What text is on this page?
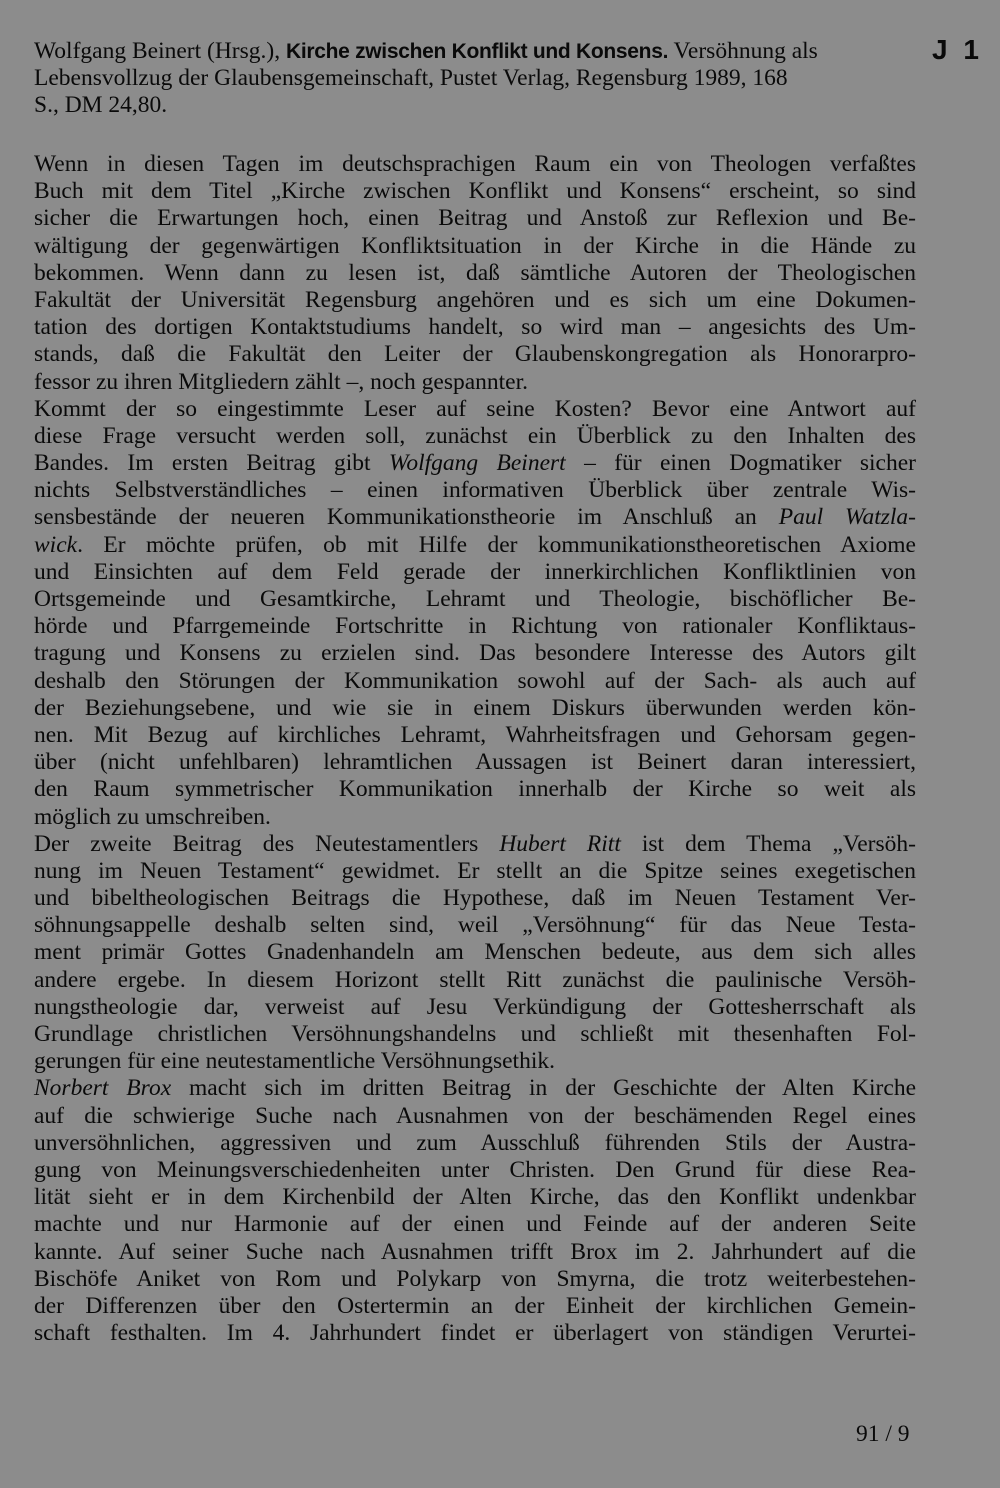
Wolfgang Beinert (Hrsg.), Kirche zwischen Konflikt und Konsens. Versöhnung als
Lebensvollzug der Glaubensgemeinschaft, Pustet Verlag, Regensburg 1989, 168
S., DM 24,80.
J 1
Wenn in diesen Tagen im deutschsprachigen Raum ein von Theologen verfaßtes
Buch mit dem Titel „Kirche zwischen Konflikt und Konsens“ erscheint, so sind
sicher die Erwartungen hoch, einen Beitrag und Anstoß zur Reflexion und Be-
wältigung der gegenwärtigen Konfliktsituation in der Kirche in die Hände zu
bekommen. Wenn dann zu lesen ist, daß sämtliche Autoren der Theologischen
Fakultät der Universität Regensburg angehören und es sich um eine Dokumen-
tation des dortigen Kontaktstudiums handelt, so wird man – angesichts des Um-
stands, daß die Fakultät den Leiter der Glaubenskongregation als Honorarpro-
fessor zu ihren Mitgliedern zählt –, noch gespannter.
Kommt der so eingestimmte Leser auf seine Kosten? Bevor eine Antwort auf
diese Frage versucht werden soll, zunächst ein Überblick zu den Inhalten des
Bandes. Im ersten Beitrag gibt Wolfgang Beinert – für einen Dogmatiker sicher
nichts Selbstverständliches – einen informativen Überblick über zentrale Wis-
sensbestände der neueren Kommunikationstheorie im Anschluß an Paul Watzla-
wick. Er möchte prüfen, ob mit Hilfe der kommunikationstheoretischen Axiome
und Einsichten auf dem Feld gerade der innerkirchlichen Konfliktlinien von
Ortsgemeinde und Gesamtkirche, Lehramt und Theologie, bischöflicher Be-
hörde und Pfarrgemeinde Fortschritte in Richtung von rationaler Konfliktaus-
tragung und Konsens zu erzielen sind. Das besondere Interesse des Autors gilt
deshalb den Störungen der Kommunikation sowohl auf der Sach- als auch auf
der Beziehungsebene, und wie sie in einem Diskurs überwunden werden kön-
nen. Mit Bezug auf kirchliches Lehramt, Wahrheitsfragen und Gehorsam gegen-
über (nicht unfehlbaren) lehramtlichen Aussagen ist Beinert daran interessiert,
den Raum symmetrischer Kommunikation innerhalb der Kirche so weit als
möglich zu umschreiben.
Der zweite Beitrag des Neutestamentlers Hubert Ritt ist dem Thema „Versöh-
nung im Neuen Testament“ gewidmet. Er stellt an die Spitze seines exegetischen
und bibeltheologischen Beitrags die Hypothese, daß im Neuen Testament Ver-
söhnungsappelle deshalb selten sind, weil „Versöhnung“ für das Neue Testa-
ment primär Gottes Gnadenhandeln am Menschen bedeute, aus dem sich alles
andere ergebe. In diesem Horizont stellt Ritt zunächst die paulinische Versöh-
nungstheologie dar, verweist auf Jesu Verkündigung der Gottesherrschaft als
Grundlage christlichen Versöhnungshandelns und schließt mit thesenhaften Fol-
gerungen für eine neutestamentliche Versöhnungsethik.
Norbert Brox macht sich im dritten Beitrag in der Geschichte der Alten Kirche
auf die schwierige Suche nach Ausnahmen von der beschämenden Regel eines
unversöhnlichen, aggressiven und zum Ausschluß führenden Stils der Austra-
gung von Meinungsverschiedenheiten unter Christen. Den Grund für diese Rea-
lität sieht er in dem Kirchenbild der Alten Kirche, das den Konflikt undenkbar
machte und nur Harmonie auf der einen und Feinde auf der anderen Seite
kannte. Auf seiner Suche nach Ausnahmen trifft Brox im 2. Jahrhundert auf die
Bischöfe Aniket von Rom und Polykarp von Smyrna, die trotz weiterbestehen-
der Differenzen über den Ostertermin an der Einheit der kirchlichen Gemein-
schaft festhalten. Im 4. Jahrhundert findet er überlagert von ständigen Verurtei-
91 / 9
